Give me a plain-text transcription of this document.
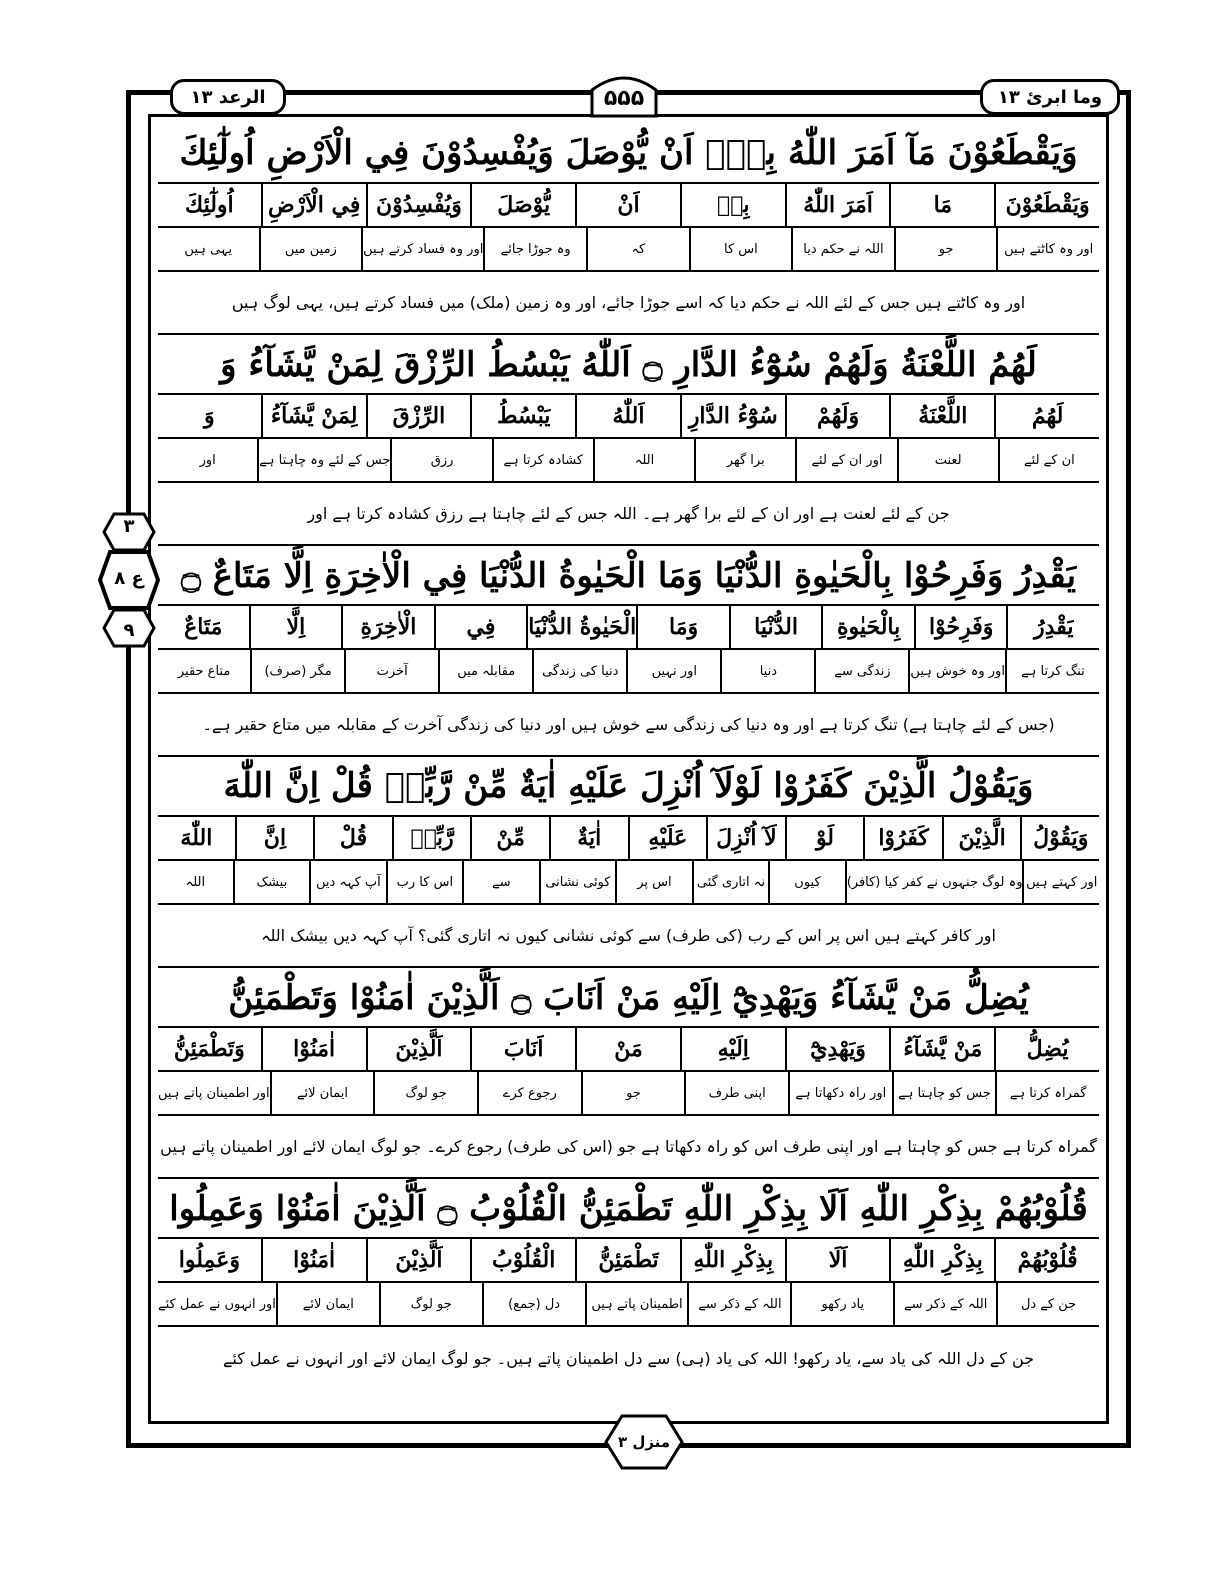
وما ابرئ ۱۳
الرعد ۱۳	۵۵۵
۳
ع ۸
۹
وَيَقْطَعُوْنَ مَآ اَمَرَ اللّٰهُ بِهٖٓ اَنْ يُّوْصَلَ وَيُفْسِدُوْنَ فِي الْاَرْضِ اُولٰٓئِكَ
وَيَقْطَعُوْنَ
مَا
اَمَرَ اللّٰهُ
بِهٖ
اَنْ
يُّوْصَلَ
وَيُفْسِدُوْنَ
فِي الْاَرْضِ
اُولٰٓئِكَ
اور وہ کاٹتے ہیں
جو
اللہ نے حکم دیا
اس کا
کہ
وہ جوڑا جائے
اور وہ فساد کرتے ہیں
زمین میں
یہی ہیں
اور وہ کاٹتے ہیں جس کے لئے اللہ نے حکم دیا کہ اسے جوڑا جائے، اور وہ زمین (ملک) میں فساد کرتے ہیں، یہی لوگ ہیں
لَهُمُ اللَّعْنَةُ وَلَهُمْ سُوْٓءُ الدَّارِ ۝ اَللّٰهُ يَبْسُطُ الرِّزْقَ لِمَنْ يَّشَآءُ وَ
لَهُمُ
اللَّعْنَةُ
وَلَهُمْ
سُوْٓءُ الدَّارِ
اَللّٰهُ
يَبْسُطُ
الرِّزْقَ
لِمَنْ يَّشَآءُ
وَ
ان کے لئے
لعنت
اور ان کے لئے
برا گھر
اللہ
کشادہ کرتا ہے
رزق
جس کے لئے وہ چاہتا ہے
اور
جن کے لئے لعنت ہے اور ان کے لئے برا گھر ہے۔ اللہ جس کے لئے چاہتا ہے رزق کشادہ کرتا ہے اور
يَقْدِرُ وَفَرِحُوْا بِالْحَيٰوةِ الدُّنْيَا وَمَا الْحَيٰوةُ الدُّنْيَا فِي الْاٰخِرَةِ اِلَّا مَتَاعٌ ۝
يَقْدِرُ
وَفَرِحُوْا
بِالْحَيٰوةِ
الدُّنْيَا
وَمَا
الْحَيٰوةُ الدُّنْيَا
فِي
الْاٰخِرَةِ
اِلَّا
مَتَاعٌ
تنگ کرتا ہے
اور وہ خوش ہیں
زندگی سے
دنیا
اور نہیں
دنیا کی زندگی
مقابلہ میں
آخرت
مگر (صرف)
متاع حقیر
(جس کے لئے چاہتا ہے) تنگ کرتا ہے اور وہ دنیا کی زندگی سے خوش ہیں اور دنیا کی زندگی آخرت کے مقابلہ میں متاع حقیر ہے۔
وَيَقُوْلُ الَّذِيْنَ كَفَرُوْا لَوْلَآ اُنْزِلَ عَلَيْهِ اٰيَةٌ مِّنْ رَّبِّهٖ قُلْ اِنَّ اللّٰهَ
وَيَقُوْلُ
الَّذِيْنَ
كَفَرُوْا
لَوْ
لَآ اُنْزِلَ
عَلَيْهِ
اٰيَةٌ
مِّنْ
رَّبِّهٖ
قُلْ
اِنَّ
اللّٰهَ
اور کہتے ہیں
وہ لوگ جنہوں نے کفر کیا (کافر)
کیوں
نہ اتاری گئی
اس پر
کوئی نشانی
سے
اس کا رب
آپ کہہ دیں
بیشک
اللہ
اور کافر کہتے ہیں اس پر اس کے رب (کی طرف) سے کوئی نشانی کیوں نہ اتاری گئی؟ آپ کہہ دیں بیشک اللہ
يُضِلُّ مَنْ يَّشَآءُ وَيَهْدِيْٓ اِلَيْهِ مَنْ اَنَابَ ۝ اَلَّذِيْنَ اٰمَنُوْا وَتَطْمَئِنُّ
يُضِلُّ
مَنْ يَّشَآءُ
وَيَهْدِيْٓ
اِلَيْهِ
مَنْ
اَنَابَ
اَلَّذِيْنَ
اٰمَنُوْا
وَتَطْمَئِنُّ
گمراہ کرتا ہے
جس کو چاہتا ہے
اور راہ دکھاتا ہے
اپنی طرف
جو
رجوع کرے
جو لوگ
ایمان لائے
اور اطمینان پاتے ہیں
گمراہ کرتا ہے جس کو چاہتا ہے اور اپنی طرف اس کو راہ دکھاتا ہے جو (اس کی طرف) رجوع کرے۔ جو لوگ ایمان لائے اور اطمینان پاتے ہیں
قُلُوْبُهُمْ بِذِكْرِ اللّٰهِ اَلَا بِذِكْرِ اللّٰهِ تَطْمَئِنُّ الْقُلُوْبُ ۝ اَلَّذِيْنَ اٰمَنُوْا وَعَمِلُوا
قُلُوْبُهُمْ
بِذِكْرِ اللّٰهِ
اَلَا
بِذِكْرِ اللّٰهِ
تَطْمَئِنُّ
الْقُلُوْبُ
اَلَّذِيْنَ
اٰمَنُوْا
وَعَمِلُوا
جن کے دل
اللہ کے ذکر سے
یاد رکھو
اللہ کے ذکر سے
اطمینان پاتے ہیں
دل (جمع)
جو لوگ
ایمان لائے
اور انہوں نے عمل کئے
جن کے دل اللہ کی یاد سے، یاد رکھو! اللہ کی یاد (ہی) سے دل اطمینان پاتے ہیں۔ جو لوگ ایمان لائے اور انہوں نے عمل کئے
منزل ۳
